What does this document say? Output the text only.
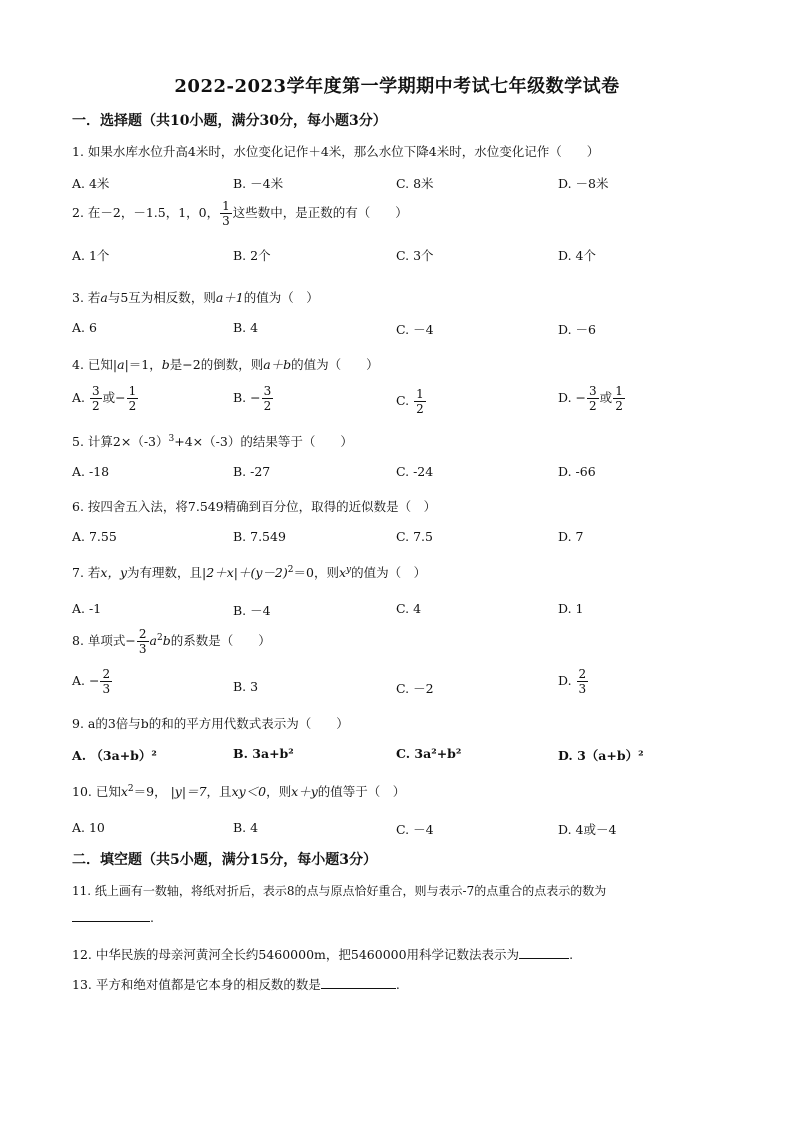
2022-2023学年度第一学期期中考试七年级数学试卷
一．选择题（共10小题，满分30分，每小题3分）
1. 如果水库水位升高4米时，水位变化记作＋4米，那么水位下降4米时，水位变化记作（　　）
A. 4米	B. －4米	C. 8米	D. －8米
2. 在－2，－1.5，1，0， $\frac{1}{3}$ 这些数中，是正数的有（　　）
A. 1个	B. 2个	C. 3个	D. 4个
3. 若a与5互为相反数，则a＋1的值为（　）
A. 6	B. 4	C. －4	D. －6
4. 已知|a|＝1，b是−2的倒数，则a＋b的值为（　　）
A. $\frac{3}{2}$ 或− $\frac{1}{2}$	B. − $\frac{3}{2}$	C. $\frac{1}{2}$	D. − $\frac{3}{2}$ 或 $\frac{1}{2}$
5. 计算$2\times(-3)^3+4\times(-3)$的结果等于（　　）
A. -18	B. -27	C. -24	D. -66
6. 按四舍五入法，将7.549精确到百分位，取得的近似数是（　）
A. 7.55	B. 7.549	C. 7.5	D. 7
7. 若x，y为有理数，且$|2+x|+(y-2)^2=0$，则$x^y$的值为（　）
A. -1	B. －4	C. 4	D. 1
8. 单项式− $\frac{2}{3} a^2b$的系数是（　　）
A. − $\frac{2}{3}$	B. 3	C. －2
D. $\frac{2}{3}$
9. a的3倍与b的和的平方用代数式表示为（　　）
A. （3a+b）²	B. 3a+b²	C. 3a²+b²	D. 3（a+b）²
10. 已知$x^2=9$， |y|＝7，且xy＜0，则x＋y的值等于（　）
A. 10	B. 4	C. －4	D. 4或－4
二．填空题（共5小题，满分15分，每小题3分）
11. 纸上画有一数轴，将纸对折后，表示8的点与原点恰好重合，则与表示-7的点重合的点表示的数为
.
12. 中华民族的母亲河黄河全长约5460000m，把5460000用科学记数法表示为	.
13. 平方和绝对值都是它本身的相反数的数是	.
